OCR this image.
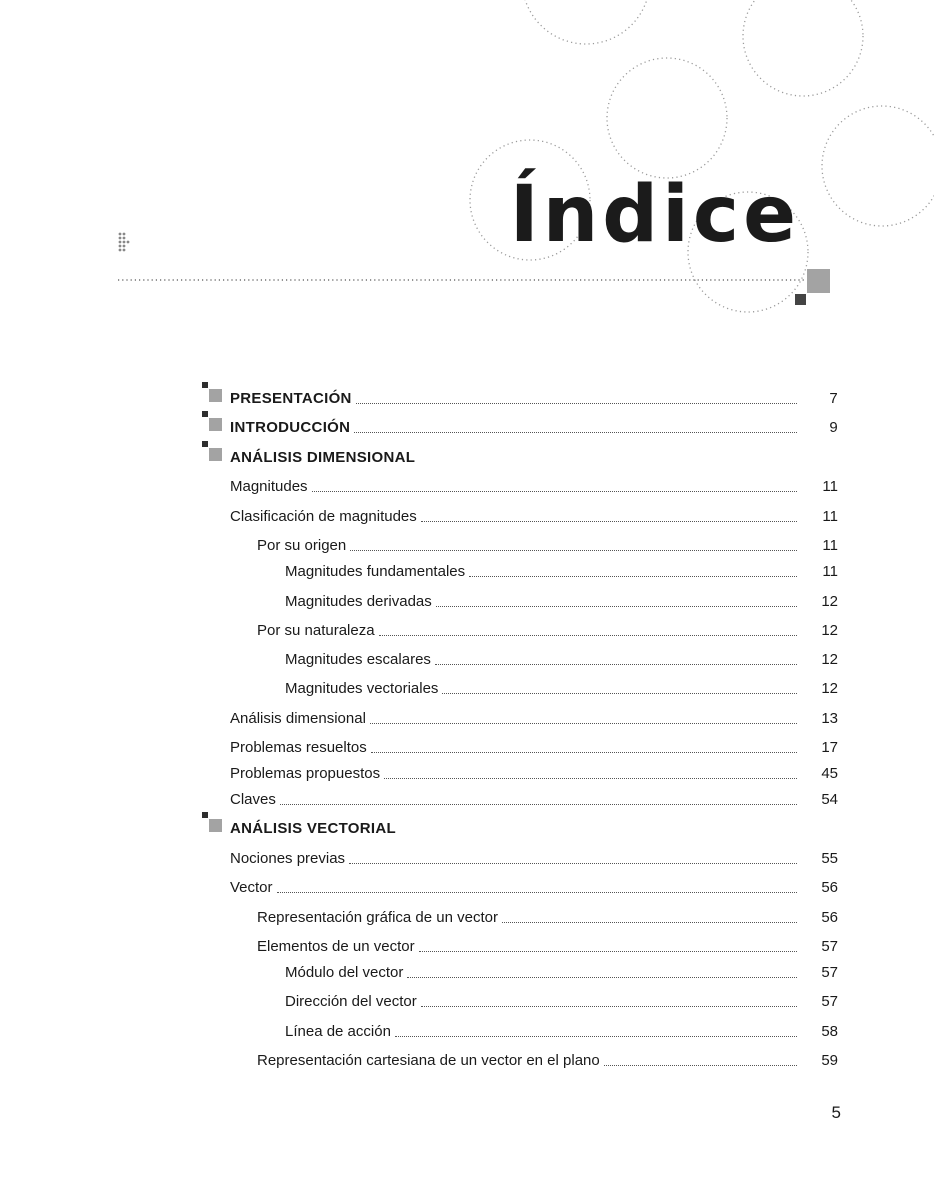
Índice
PRESENTACIÓN	7
INTRODUCCIÓN	9
ANÁLISIS DIMENSIONAL
Magnitudes	11
Clasificación de magnitudes	11
Por su origen	11
Magnitudes fundamentales	11
Magnitudes derivadas	12
Por su naturaleza	12
Magnitudes escalares	12
Magnitudes vectoriales	12
Análisis dimensional	13
Problemas resueltos	17
Problemas propuestos	45
Claves	54
ANÁLISIS VECTORIAL
Nociones previas	55
Vector	56
Representación gráfica de un vector	56
Elementos de un vector	57
Módulo del vector	57
Dirección del vector	57
Línea de acción	58
Representación cartesiana de un vector en el plano	59
5
